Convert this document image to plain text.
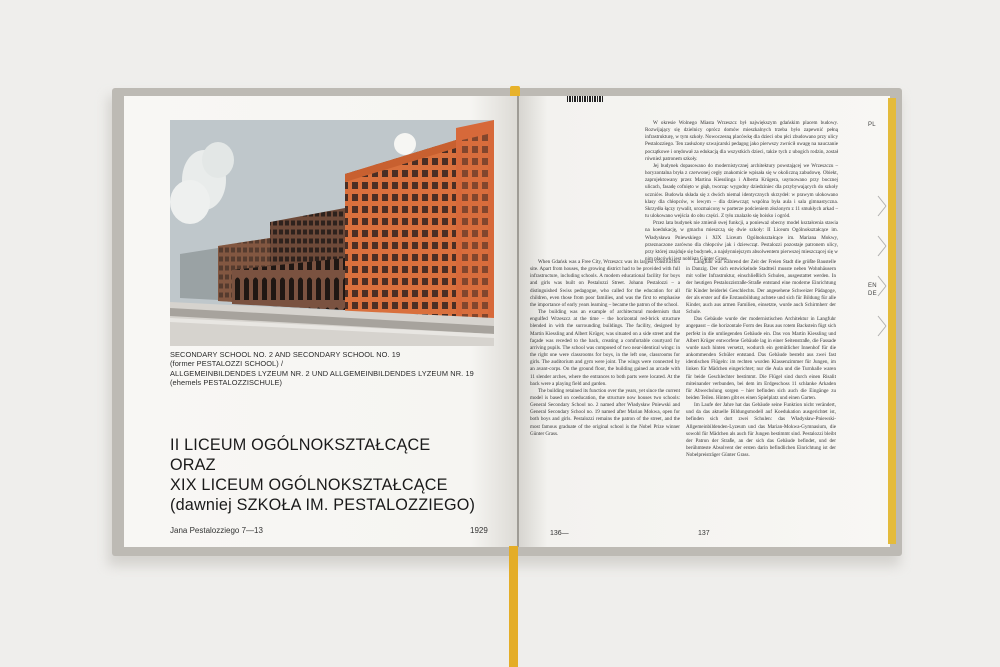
SECONDARY SCHOOL NO. 2 AND SECONDARY SCHOOL NO. 19
(former PESTALOZZI SCHOOL) /
ALLGEMEINBILDENDES LYZEUM NR. 2 UND ALLGEMEINBILDENDES LYZEUM NR. 19
(ehemels PESTALOZZISCHULE)
II LICEUM OGÓLNOKSZTAŁCĄCE
ORAZ
XIX LICEUM OGÓLNOKSZTAŁCĄCE
(dawniej SZKOŁA IM. PESTALOZZIEGO)
Jana Pestalozziego 7—13	1929

W okresie Wolnego Miasta Wrzeszcz był największym gdańskim placem budowy. Rozwijający się dzielnicy oprócz domów mieszkalnych trzeba było zapewnić pełną infrastrukturę, w tym szkoły. Nowoczesną placówkę dla dzieci obu płci zbudowano przy ulicy Pestalozziego. Ten zasłużony szwajcarski pedagog jako pierwszy zwrócił uwagę na nauczanie początkowe i orędował za edukacją dla wszystkich dzieci, także tych z ubogich rodzin, został również patronem szkoły.

Jej budynek dopasowano do modernistycznej architektury powstającej we Wrzeszczu – horyzontalna bryła z czerwonej cegły znakomicie wpisała się w okoliczną zabudowę. Obiekt, zaprojektowany przez Martina Kiesslinga i Alberta Krügera, usytuowano przy bocznej ulicach, fasadę cofnięto w głąb, tworząc wygodny dziedziniec dla przybywających do szkoły uczniów. Budowla składa się z dwóch niemal identycznych skrzydeł: w prawym ulokowano klasy dla chłopców, w lewym – dla dziewcząt; wspólna była aula i sala gimnastyczna. Skrzydła łączy rywalit, urozmaicony w parterze podcieniem złożonym z 11 smukłych arkad – tu ulokowano wejścia do obu części. Z tyłu znalazło się boisko i ogród.

Przez lata budynek nie zmienił swej funkcji, a ponieważ obecny model kształcenia stawia na koedukację, w gmachu mieszczą się dwie szkoły: II Liceum Ogólnokształcące im. Władysława Pniewskiego i XIX Liceum Ogólnokształcące im. Mariana Mokwy, przeznaczone zarówno dla chłopców jak i dziewcząt. Pestalozzi pozostaje patronem ulicy, przy której znajduje się budynek, a najsłynniejszym absolwentem pierwszej mieszczącej się w nim placówki jest noblista Günter Grass.

When Gdańsk was a Free City, Wrzeszcz was its largest construction site. Apart from houses, the growing district had to be provided with full infrastructure, including schools. A modern educational facility for boys and girls was built on Pestalozzi Street. Johann Pestalozzi – a distinguished Swiss pedagogue, who called for the education for all children, even those from poor families, and was the first to emphasise the importance of early years learning – became the patron of the school.

The building was an example of architectural modernism that engulfed Wrzeszcz at the time – the horizontal red-brick structure blended in with the surrounding buildings. The facility, designed by Martin Kiessling and Albert Krüger, was situated on a side street and the façade was receded to the back, creating a comfortable courtyard for arriving pupils. The school was composed of two near-identical wings: in the right one were classrooms for boys, in the left one, classrooms for girls. The auditorium and gym were joint. The wings were connected by an avant-corps. On the ground floor, the building gained an arcade with 11 slender arches, where the entrances to both parts were located. At the back were a playing field and garden.

The building retained its function over the years, yet since the current model is based on coeducation, the structure now houses two schools: General Secondary School no. 2 named after Władysław Pniewski and General Secondary School no. 19 named after Marian Mokwa, open for both boys and girls. Pestalozzi remains the patron of the street, and the most famous graduate of the original school is the Nobel Prize winner Günter Grass.

Langfuhr war während der Zeit der Freien Stadt die größte Baustelle in Danzig. Der sich entwickelnde Stadtteil musste neben Wohnhäusern mit voller Infrastruktur, einschließlich Schulen, ausgestattet werden. In der heutigen Pestalozzistraße-Straße entstand eine moderne Einrichtung für Kinder beiderlei Geschlechts. Der angesehene Schweizer Pädagoge, der als erster auf die Erstausbildung achtete und sich für Bildung für alle Kinder, auch aus armen Familien, einsetzte, wurde auch Schirmherr der Schule.

Das Gebäude wurde der modernistischen Architektur in Langfuhr angepasst – die horizontale Form des Baus aus rotem Backstein fügt sich perfekt in die umliegenden Gebäude ein. Das von Martin Kiessling und Albert Krüger entworfene Gebäude lag in einer Seitenstraße, die Fassade wurde nach hinten versetzt, wodurch ein gemütlicher Innenhof für die ankommenden Schüler entstand. Das Gebäude besteht aus zwei fast identischen Flügeln: im rechten wurden Klassenzimmer für Jungen, im linken für Mädchen eingerichtet; nur die Aula und die Turnhalle waren für beide Geschlechter bestimmt. Die Flügel sind durch einen Risalit miteinander verbunden, bei dem im Erdgeschoss 11 schlanke Arkaden für Abwechslung sorgen – hier befinden sich auch die Eingänge zu beiden Teilen. Hinten gibt es einen Spielplatz und einen Garten.

Im Laufe der Jahre hat das Gebäude seine Funktion nicht verändert, und da das aktuelle Bildungsmodell auf Koedukation ausgerichtet ist, befinden sich dort zwei Schulen: das Władysław-Pniewski-Allgemeinbildenden-Lyzeum und das Marian-Mokwa-Gymnasium, die sowohl für Mädchen als auch für Jungen bestimmt sind. Pestalozzi bleibt der Patron der Straße, an der sich das Gebäude befindet, und der berühmteste Absolvent der ersten darin befindlichen Einrichtung ist der Nobelpreisträger Günter Grass.

PL
EN
DE
136—	137
